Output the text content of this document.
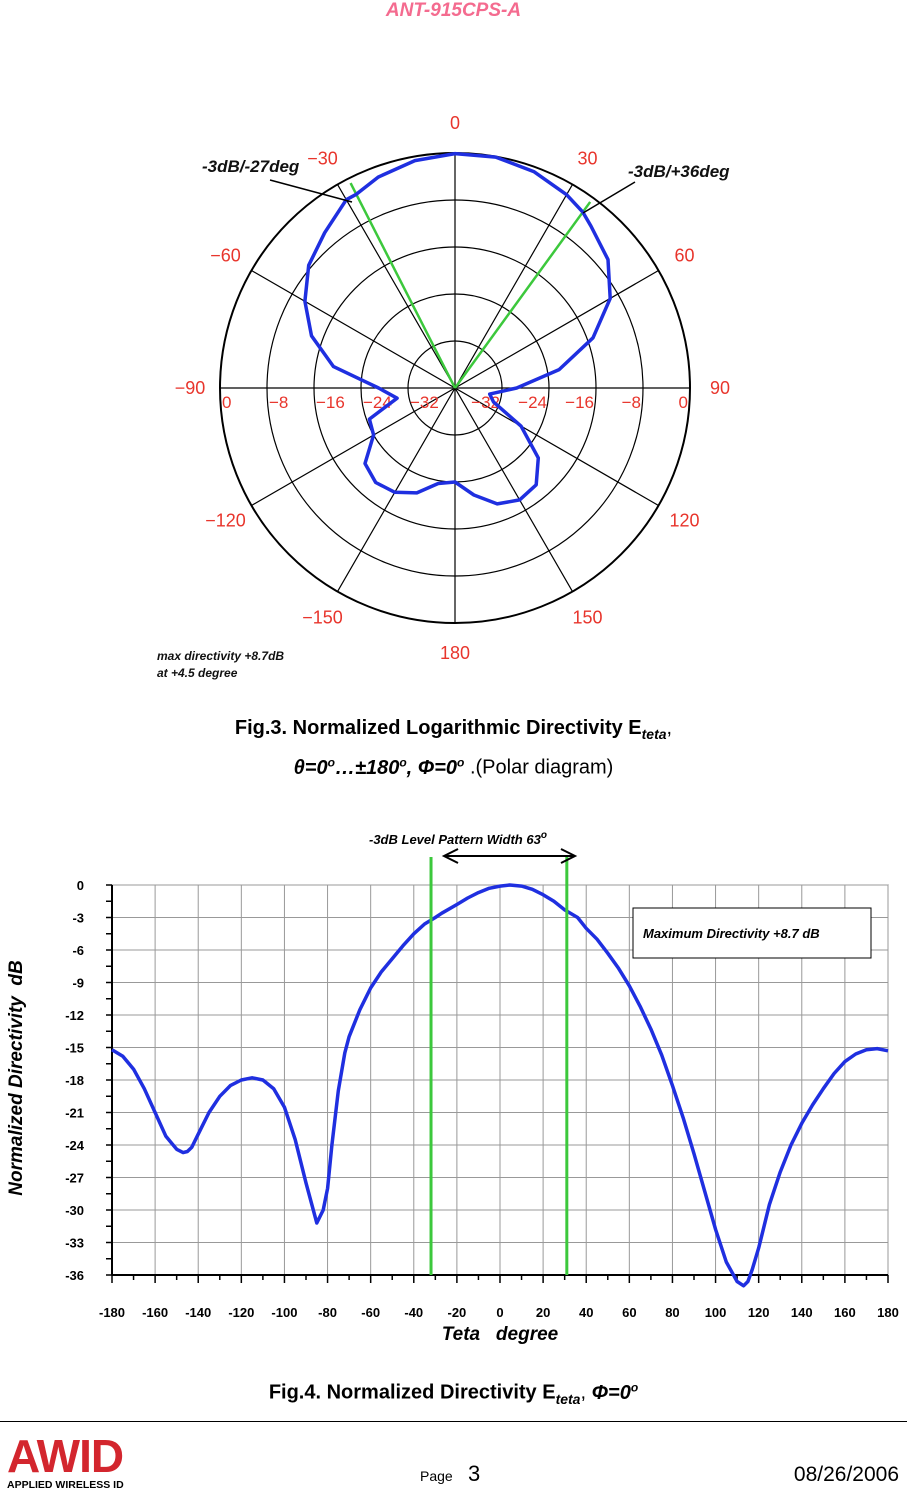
ANT-915CPS-A
0
30
60
90
120
150
180
−150
−120
−90
−60
−30
0	0
−8	−8
−16	−16
−24	−24
−32 −32
-3dB/-27deg	-3dB/+36deg
max directivity +8.7dB
at +4.5 degree
Fig.3. Normalized Logarithmic Directivity $E_{teta}$,
$\theta=0^o\dots\pm 180^o$, $\Phi=0^o$ .(Polar diagram)
0
-3
-6
-9
-12
-15
-18
-21
-24
-27
-30
-33
-36
-180 -160 -140 -120 -100 -80 -60 -40 -20 0 20 40 60 80 100 120 140 160 180
-3dB Level Pattern Width 63$^o$
Maximum Directivity +8.7 dB
Teta   degree
Normalized Directivity  dB
Fig.4. Normalized Directivity $E_{teta}$, $\Phi=0^o$
AWID
APPLIED WIRELESS ID
Page 3	08/26/2006
